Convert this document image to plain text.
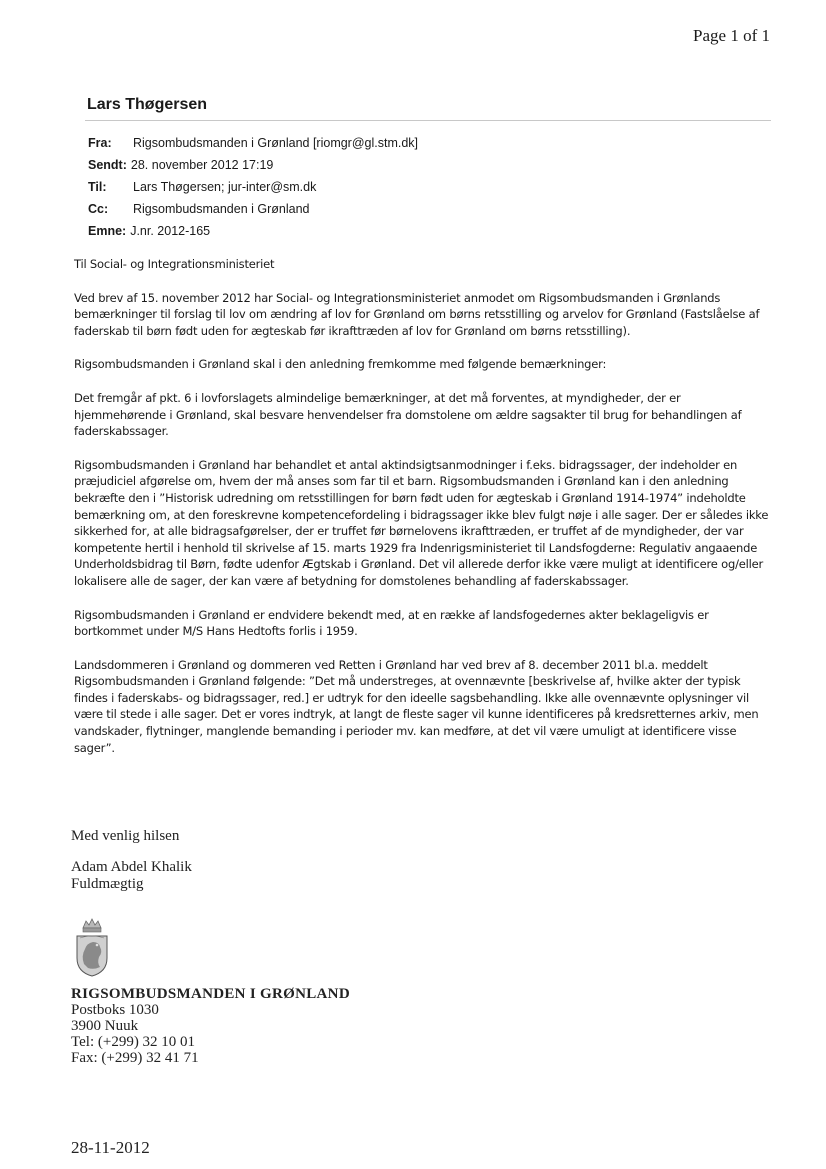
Page 1 of 1
Lars Thøgersen
Fra: Rigsombudsmanden i Grønland [riomgr@gl.stm.dk]
Sendt: 28. november 2012 17:19
Til: Lars Thøgersen; jur-inter@sm.dk
Cc: Rigsombudsmanden i Grønland
Emne: J.nr. 2012-165

Til Social- og Integrationsministeriet

Ved brev af 15. november 2012 har Social- og Integrationsministeriet anmodet om Rigsombudsmanden i Grønlands bemærkninger til forslag til lov om ændring af lov for Grønland om børns retsstilling og arvelov for Grønland (Fastslåelse af faderskab til børn født uden for ægteskab før ikrafttræden af lov for Grønland om børns retsstilling).

Rigsombudsmanden i Grønland skal i den anledning fremkomme med følgende bemærkninger:

Det fremgår af pkt. 6 i lovforslagets almindelige bemærkninger, at det må forventes, at myndigheder, der er hjemmehørende i Grønland, skal besvare henvendelser fra domstolene om ældre sagsakter til brug for behandlingen af faderskabssager.

Rigsombudsmanden i Grønland har behandlet et antal aktindsigtsanmodninger i f.eks. bidragssager, der indeholder en præjudiciel afgørelse om, hvem der må anses som far til et barn. Rigsombudsmanden i Grønland kan i den anledning bekræfte den i ”Historisk udredning om retsstillingen for børn født uden for ægteskab i Grønland 1914-1974” indeholdte bemærkning om, at den foreskrevne kompetencefordeling i bidragssager ikke blev fulgt nøje i alle sager. Der er således ikke sikkerhed for, at alle bidragsafgørelser, der er truffet før børnelovens ikrafttræden, er truffet af de myndigheder, der var kompetente hertil i henhold til skrivelse af 15. marts 1929 fra Indenrigsministeriet til Landsfogderne: Regulativ angaaende Underholdsbidrag til Børn, fødte udenfor Ægtskab i Grønland. Det vil allerede derfor ikke være muligt at identificere og/eller lokalisere alle de sager, der kan være af betydning for domstolenes behandling af faderskabssager.

Rigsombudsmanden i Grønland er endvidere bekendt med, at en række af landsfogedernes akter beklageligvis er bortkommet under M/S Hans Hedtofts forlis i 1959.

Landsdommeren i Grønland og dommeren ved Retten i Grønland har ved brev af 8. december 2011 bl.a. meddelt Rigsombudsmanden i Grønland følgende: ”Det må understreges, at ovennævnte [beskrivelse af, hvilke akter der typisk findes i faderskabs- og bidragssager, red.] er udtryk for den ideelle sagsbehandling. Ikke alle ovennævnte oplysninger vil være til stede i alle sager. Det er vores indtryk, at langt de fleste sager vil kunne identificeres på kredsretternes arkiv, men vandskader, flytninger, manglende bemanding i perioder mv. kan medføre, at det vil være umuligt at identificere visse sager”.

Med venlig hilsen

Adam Abdel Khalik
Fuldmægtig
RIGSOMBUDSMANDEN I GRØNLAND
Postboks 1030
3900 Nuuk
Tel: (+299) 32 10 01
Fax: (+299) 32 41 71
28-11-2012
